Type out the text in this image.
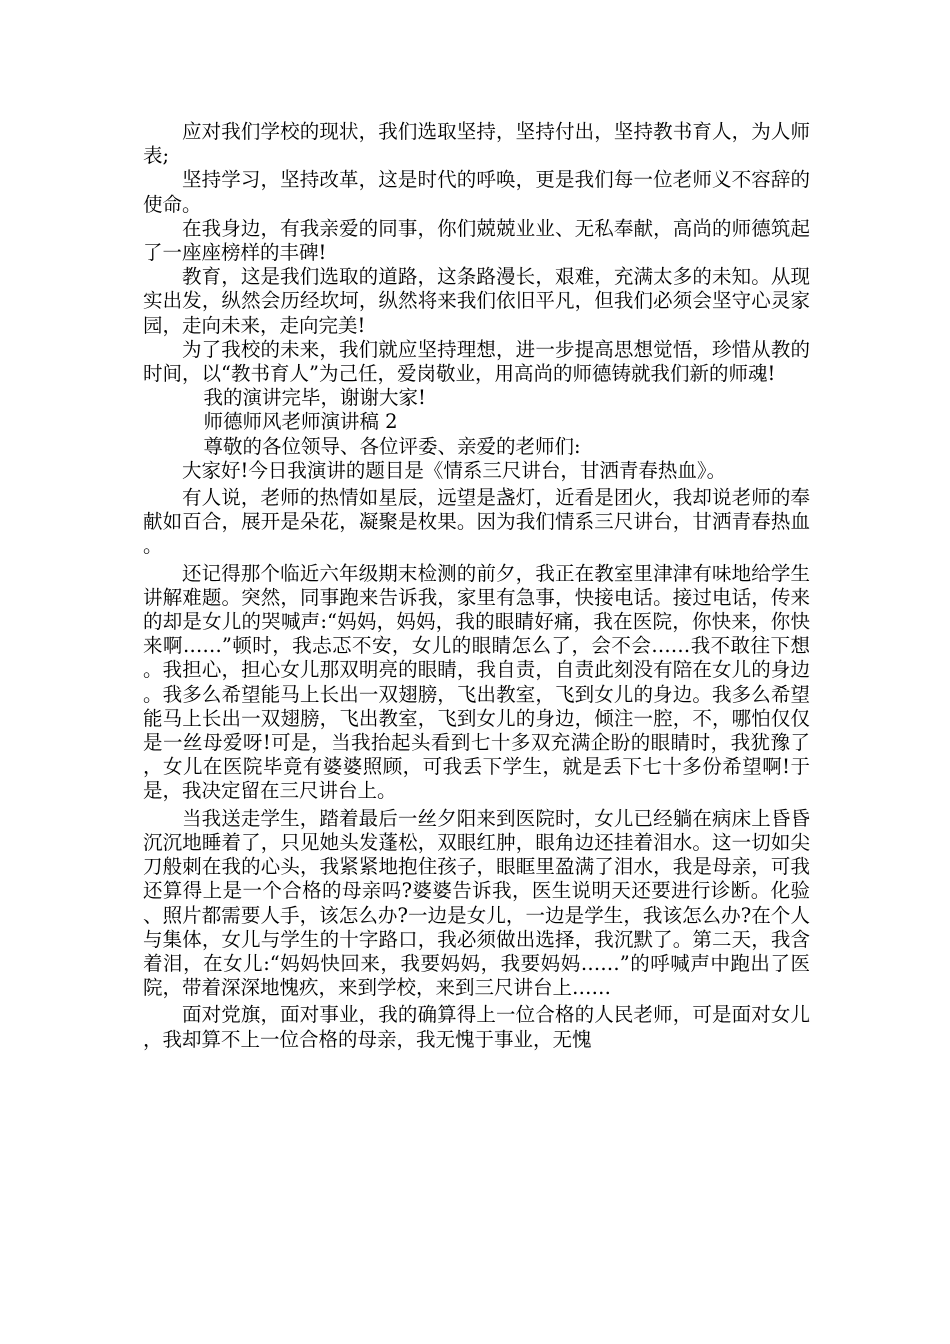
应对我们学校的现状，我们选取坚持，坚持付出，坚持教书育人，为人师表;

坚持学习，坚持改革，这是时代的呼唤，更是我们每一位老师义不容辞的使命。

在我身边，有我亲爱的同事，你们兢兢业业、无私奉献，高尚的师德筑起了一座座榜样的丰碑!

教育，这是我们选取的道路，这条路漫长，艰难，充满太多的未知。从现实出发，纵然会历经坎坷，纵然将来我们依旧平凡，但我们必须会坚守心灵家园，走向未来，走向完美!

为了我校的未来，我们就应坚持理想，进一步提高思想觉悟，珍惜从教的时间，以“教书育人”为己任，爱岗敬业，用高尚的师德铸就我们新的师魂!

我的演讲完毕，谢谢大家!

师德师风老师演讲稿 2

尊敬的各位领导、各位评委、亲爱的老师们:

大家好!今日我演讲的题目是《情系三尺讲台，甘洒青春热血》。

有人说，老师的热情如星辰，远望是盏灯，近看是团火，我却说老师的奉献如百合，展开是朵花，凝聚是枚果。因为我们情系三尺讲台，甘洒青春热血。

还记得那个临近六年级期末检测的前夕，我正在教室里津津有味地给学生讲解难题。突然，同事跑来告诉我，家里有急事，快接电话。接过电话，传来的却是女儿的哭喊声:“妈妈，妈妈，我的眼睛好痛，我在医院，你快来，你快来啊……”顿时，我忐忑不安，女儿的眼睛怎么了，会不会……我不敢往下想。我担心，担心女儿那双明亮的眼睛，我自责，自责此刻没有陪在女儿的身边。我多么希望能马上长出一双翅膀，飞出教室，飞到女儿的身边。我多么希望能马上长出一双翅膀，飞出教室，飞到女儿的身边，倾注一腔，不，哪怕仅仅是一丝母爱呀!可是，当我抬起头看到七十多双充满企盼的眼睛时，我犹豫了，女儿在医院毕竟有婆婆照顾，可我丢下学生，就是丢下七十多份希望啊!于是，我决定留在三尺讲台上。

当我送走学生，踏着最后一丝夕阳来到医院时，女儿已经躺在病床上昏昏沉沉地睡着了，只见她头发蓬松，双眼红肿，眼角边还挂着泪水。这一切如尖刀般刺在我的心头，我紧紧地抱住孩子，眼眶里盈满了泪水，我是母亲，可我还算得上是一个合格的母亲吗?婆婆告诉我，医生说明天还要进行诊断。化验、照片都需要人手，该怎么办?一边是女儿，一边是学生，我该怎么办?在个人与集体，女儿与学生的十字路口，我必须做出选择，我沉默了。第二天，我含着泪，在女儿:“妈妈快回来，我要妈妈，我要妈妈……”的呼喊声中跑出了医院，带着深深地愧疚，来到学校，来到三尺讲台上……

面对党旗，面对事业，我的确算得上一位合格的人民老师，可是面对女儿，我却算不上一位合格的母亲，我无愧于事业，无愧
